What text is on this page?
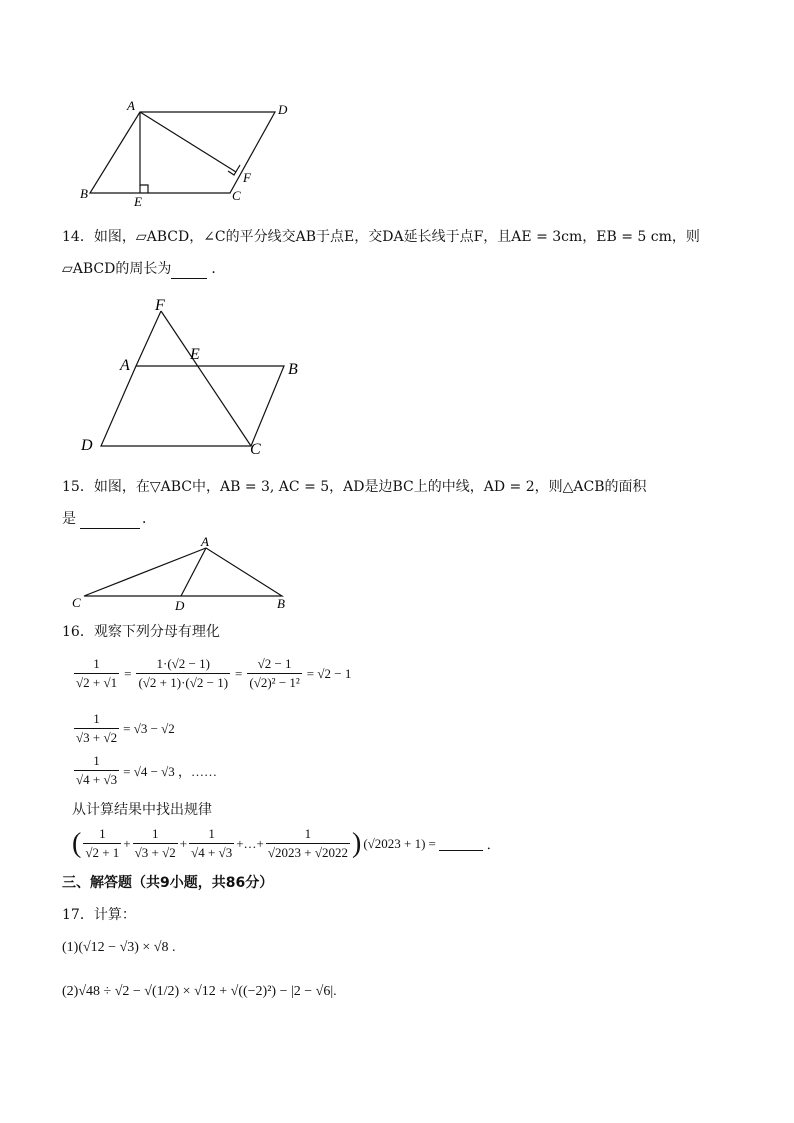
A	D
B
E	C
F
14．如图，▱ABCD，∠C的平分线交AB于点E，交DA延长线于点F，且AE = 3cm，EB = 5 cm，则
▱ABCD的周长为	．
F
A
E
B
D	C
15．如图，在▽ABC中，AB = 3, AC = 5，AD是边BC上的中线，AD = 2，则△ACB的面积
是	．
A
C	D	B
16．观察下列分母有理化
$\frac{1}{√2 + √1} = \frac{1\cdot(√2 - 1)}{(√2 + 1)\cdot(√2 - 1)} = \frac{√2 - 1}{\text{(√2)² − 1²}} = √2 - 1$
$\frac{1}{√3 + √2} = √3 - √2$
$\frac{1}{√4 + √3} = √4 - √3$ ，……
从计算结果中找出规律
( $\frac{1}{√2 + 1} + \frac{1}{√3 + √2} + \frac{1}{√4 + √3}$ +…+ $\frac{1}{√2023 + √2022}$ ) (√2023 + 1) =	．
三、解答题（共9小题，共86分）
17．计算：
(1)(√12 − √3) × √8 .
(2)√48 ÷ √2 − √(1/2) × √12 + √((−2)²) − |2 − √6|.
